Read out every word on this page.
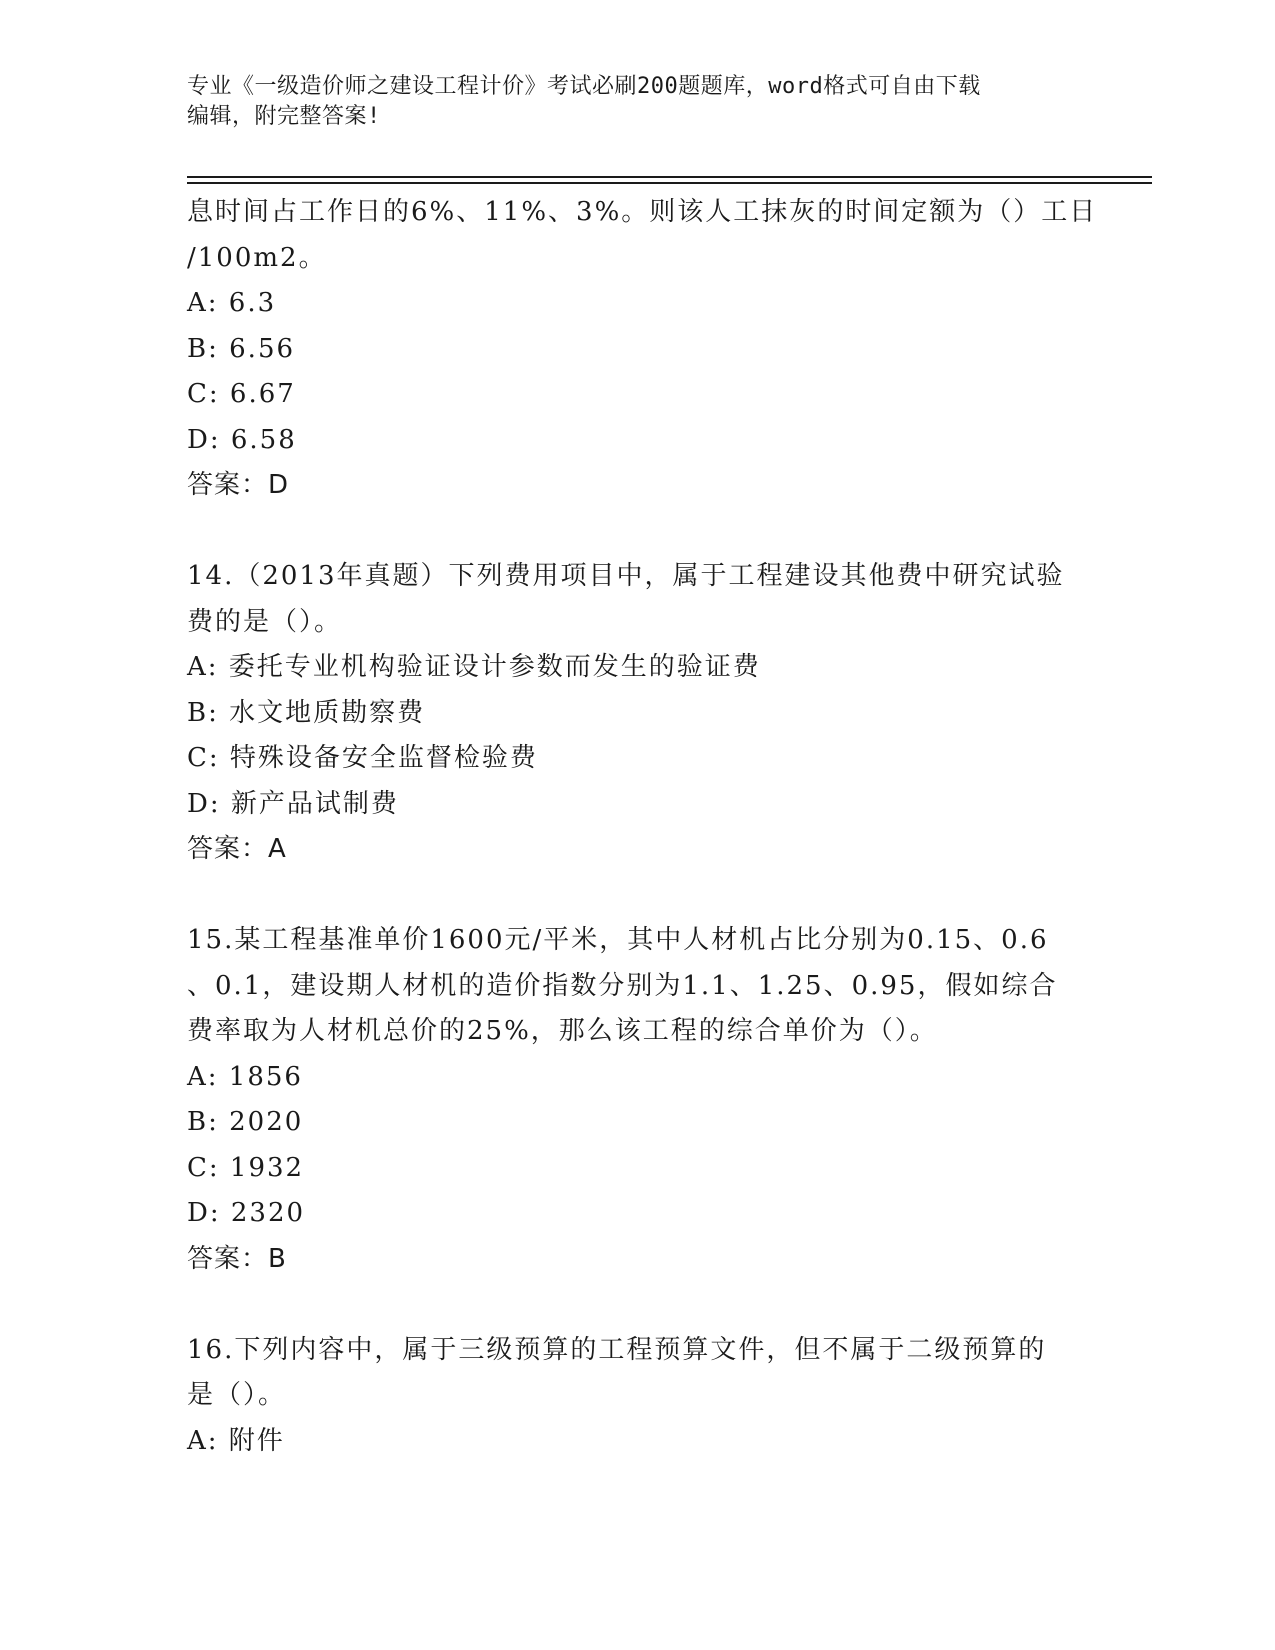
专业《一级造价师之建设工程计价》考试必刷200题题库，word格式可自由下载
编辑，附完整答案!
息时间占工作日的6%、11%、3%。则该人工抹灰的时间定额为（）工日
/100m2。
A: 6.3
B: 6.56
C: 6.67
D: 6.58
答案：D
14.（2013年真题）下列费用项目中，属于工程建设其他费中研究试验
费的是（）。
A: 委托专业机构验证设计参数而发生的验证费
B: 水文地质勘察费
C: 特殊设备安全监督检验费
D: 新产品试制费
答案：A
15.某工程基准单价1600元/平米，其中人材机占比分别为0.15、0.6
、0.1，建设期人材机的造价指数分别为1.1、1.25、0.95，假如综合
费率取为人材机总价的25%，那么该工程的综合单价为（）。
A: 1856
B: 2020
C: 1932
D: 2320
答案：B
16.下列内容中，属于三级预算的工程预算文件，但不属于二级预算的
是（）。
A: 附件
